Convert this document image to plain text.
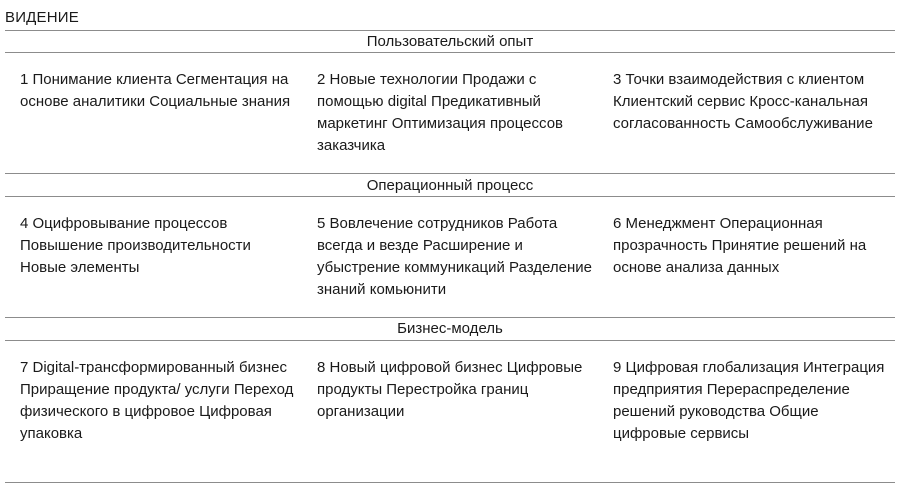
ВИДЕНИЕ
Пользовательский опыт
1 Понимание клиента Сегментация на основе аналитики Социальные знания
2 Новые технологии Продажи с помощью digital Предикативный маркетинг Оптимизация процессов заказчика
3 Точки взаимодействия с клиентом Клиентский сервис Кросс-канальная согласованность Самообслуживание
Операционный процесс
4 Оцифровывание процессов Повышение производительности Новые элементы
5 Вовлечение сотрудников Работа всегда и везде Расширение и убыстрение коммуникаций Разделение знаний комьюнити
6 Менеджмент Операционная прозрачность Принятие решений на основе анализа данных
Бизнес-модель
7 Digital-трансформированный бизнес Приращение продукта/ услуги Переход физического в цифровое Цифровая упаковка
8 Новый цифровой бизнес Цифровые продукты Перестройка границ организации
9 Цифровая глобализация Интеграция предприятия Перераспределение решений руководства Общие цифровые сервисы
